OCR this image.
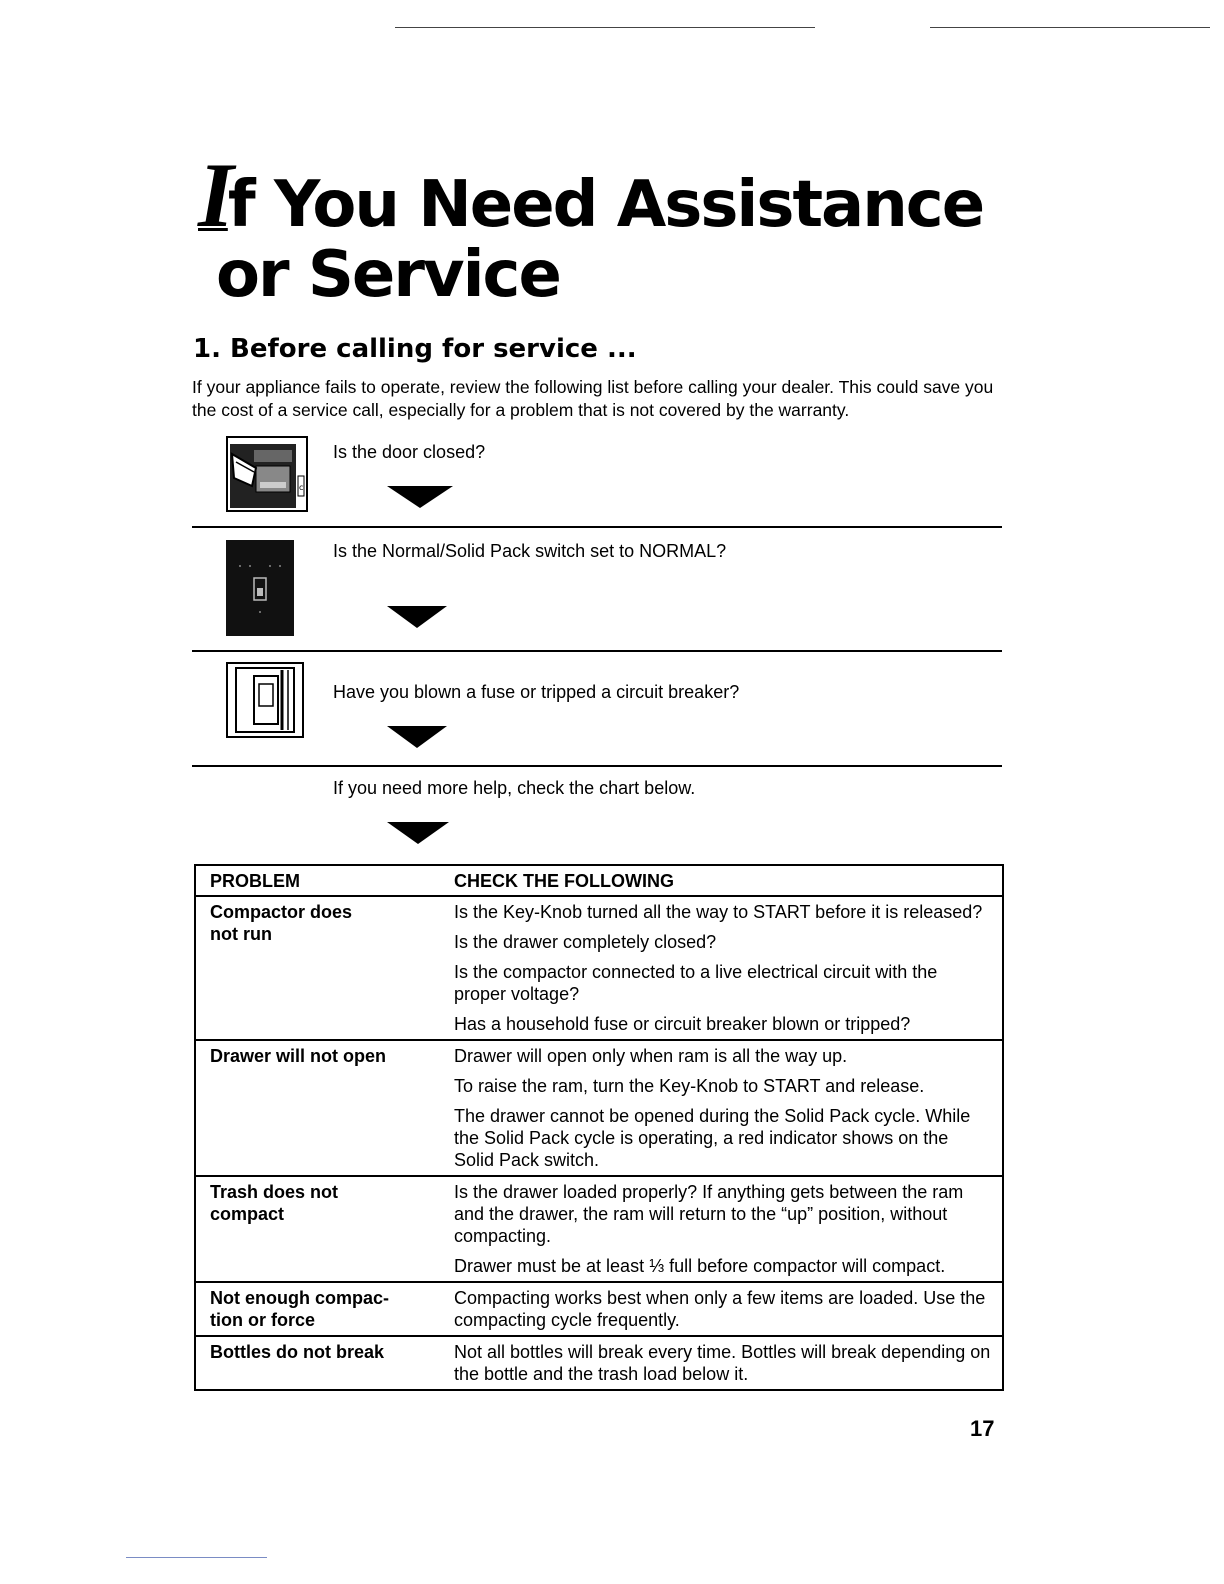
If You Need Assistance
or Service
1. Before calling for service ...

If your appliance fails to operate, review the following list before calling your dealer. This could save you the cost of a service call, especially for a problem that is not covered by the warranty.

c

Is the door closed?

Is the Normal/Solid Pack switch set to NORMAL?

Have you blown a fuse or tripped a circuit breaker?

If you need more help, check the chart below.

PROBLEM	CHECK THE FOLLOWING

Compactor does not run	Is the Key-Knob turned all the way to START before it is released?

Is the drawer completely closed?

Is the compactor connected to a live electrical circuit with the proper voltage?

Has a household fuse or circuit breaker blown or tripped?

Drawer will not open	Drawer will open only when ram is all the way up.

To raise the ram, turn the Key-Knob to START and release.

The drawer cannot be opened during the Solid Pack cycle. While the Solid Pack cycle is operating, a red indicator shows on the Solid Pack switch.

Trash does not compact	Is the drawer loaded properly? If anything gets between the ram and the drawer, the ram will return to the “up” position, without compacting.

Drawer must be at least ⅓ full before compactor will compact.

Not enough compac-tion or force	Compacting works best when only a few items are loaded. Use the compacting cycle frequently.

Bottles do not break	Not all bottles will break every time. Bottles will break depending on the bottle and the trash load below it.

17
